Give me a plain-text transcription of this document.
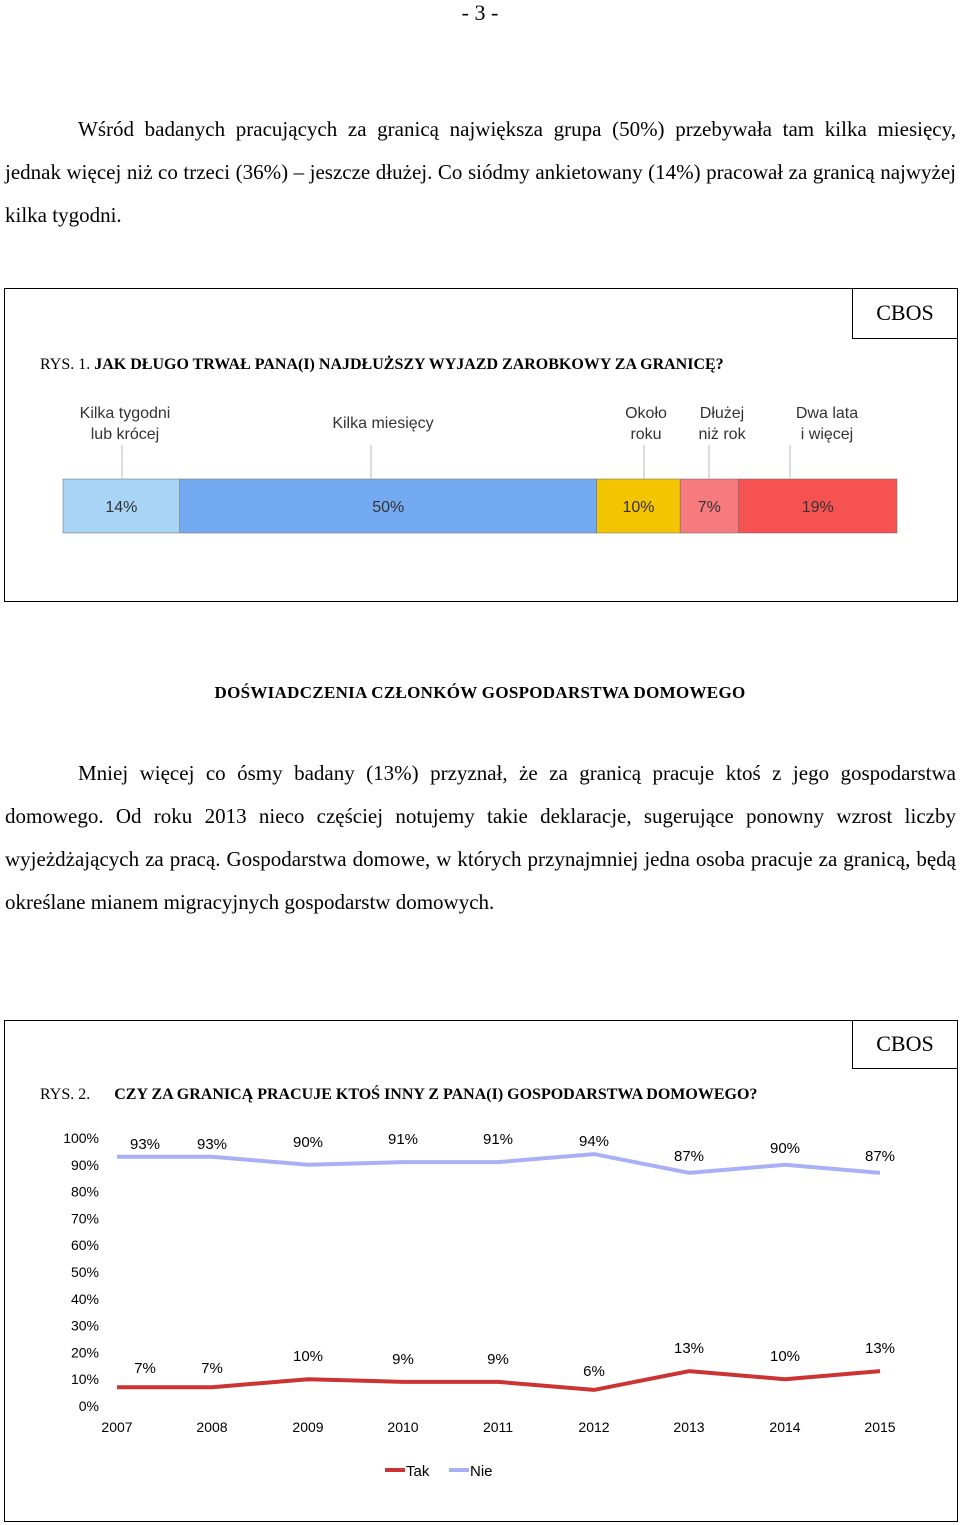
- 3 -

Wśród badanych pracujących za granicą największa grupa (50%) przebywała tam kilka miesięcy, jednak więcej niż co trzeci (36%) – jeszcze dłużej. Co siódmy ankietowany (14%) pracował za granicą najwyżej kilka tygodni.

CBOS
RYS. 1. JAK DŁUGO TRWAŁ PANA(I) NAJDŁUŻSZY WYJAZD ZAROBKOWY ZA GRANICĘ?
14%
Kilka tygodni
lub krócej
50%
Kilka miesięcy
10%
Około
roku
7%
Dłużej
niż rok
19%
Dwa lata
i więcej
DOŚWIADCZENIA CZŁONKÓW GOSPODARSTWA DOMOWEGO

Mniej więcej co ósmy badany (13%) przyznał, że za granicą pracuje ktoś z jego gospodarstwa domowego. Od roku 2013 nieco częściej notujemy takie deklaracje, sugerujące ponowny wzrost liczby wyjeżdżających za pracą. Gospodarstwa domowe, w których przynajmniej jedna osoba pracuje za granicą, będą określane mianem migracyjnych gospodarstw domowych.

CBOS
RYS. 2. CZY ZA GRANICĄ PRACUJE KTOŚ INNY Z PANA(I) GOSPODARSTWA DOMOWEGO?
0%
10%
20%
30%
40%
50%
60%
70%
80%
90%
100%
2007	2008	2009	2010	2011	2012	2013	2014	2015
7%	7%
10%	9%	9%
6%
13%	10%	13%
93% 93%	90%	91%	91%	94%
87%	90%	87%
Tak	Nie
